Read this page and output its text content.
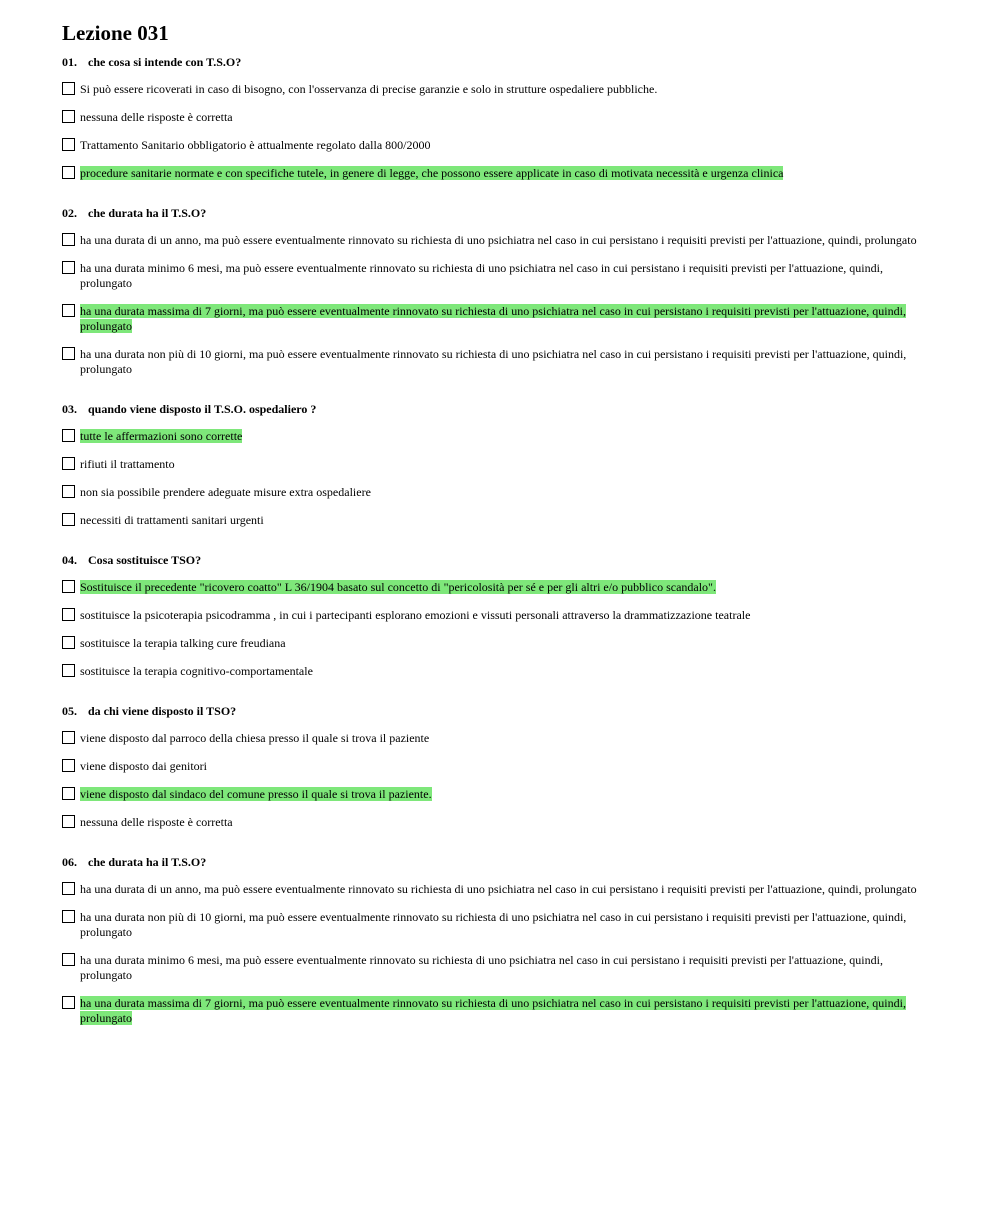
Lezione 031
01. che cosa si intende con T.S.O?
Si può essere ricoverati in caso di bisogno, con l'osservanza di precise garanzie e solo in strutture ospedaliere pubbliche.
nessuna delle risposte è corretta
Trattamento Sanitario obbligatorio è attualmente regolato dalla 800/2000
procedure sanitarie normate e con specifiche tutele, in genere di legge, che possono essere applicate in caso di motivata necessità e urgenza clinica
02. che durata ha il T.S.O?
ha una durata di un anno, ma può essere eventualmente rinnovato su richiesta di uno psichiatra nel caso in cui persistano i requisiti previsti per l'attuazione, quindi, prolungato
ha una durata minimo 6 mesi, ma può essere eventualmente rinnovato su richiesta di uno psichiatra nel caso in cui persistano i requisiti previsti per l'attuazione, quindi, prolungato
ha una durata massima di 7 giorni, ma può essere eventualmente rinnovato su richiesta di uno psichiatra nel caso in cui persistano i requisiti previsti per l'attuazione, quindi, prolungato
ha una durata non più di 10 giorni, ma può essere eventualmente rinnovato su richiesta di uno psichiatra nel caso in cui persistano i requisiti previsti per l'attuazione, quindi, prolungato
03. quando viene disposto il T.S.O. ospedaliero ?
tutte le affermazioni sono corrette
rifiuti il trattamento
non sia possibile prendere adeguate misure extra ospedaliere
necessiti di trattamenti sanitari urgenti
04. Cosa sostituisce TSO?
Sostituisce il precedente "ricovero coatto" L 36/1904 basato sul concetto di "pericolosità per sé e per gli altri e/o pubblico scandalo".
sostituisce la psicoterapia psicodramma , in cui i partecipanti esplorano emozioni e vissuti personali attraverso la drammatizzazione teatrale
sostituisce la terapia talking cure freudiana
sostituisce la terapia cognitivo-comportamentale
05. da chi viene disposto il TSO?
viene disposto dal parroco della chiesa presso il quale si trova il paziente
viene disposto dai genitori
viene disposto dal sindaco del comune presso il quale si trova il paziente.
nessuna delle risposte è corretta
06. che durata ha il T.S.O?
ha una durata di un anno, ma può essere eventualmente rinnovato su richiesta di uno psichiatra nel caso in cui persistano i requisiti previsti per l'attuazione, quindi, prolungato
ha una durata non più di 10 giorni, ma può essere eventualmente rinnovato su richiesta di uno psichiatra nel caso in cui persistano i requisiti previsti per l'attuazione, quindi, prolungato
ha una durata minimo 6 mesi, ma può essere eventualmente rinnovato su richiesta di uno psichiatra nel caso in cui persistano i requisiti previsti per l'attuazione, quindi, prolungato
ha una durata massima di 7 giorni, ma può essere eventualmente rinnovato su richiesta di uno psichiatra nel caso in cui persistano i requisiti previsti per l'attuazione, quindi, prolungato
